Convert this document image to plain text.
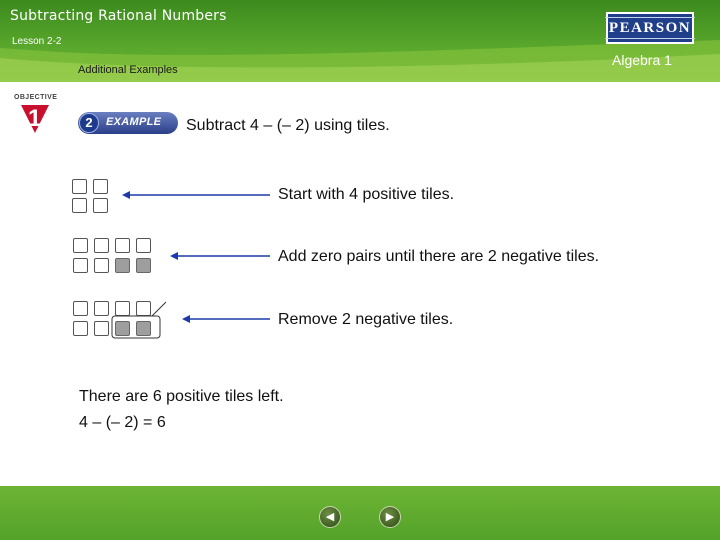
Subtracting Rational Numbers
Lesson 2-2
Additional Examples
Algebra 1
PEARSON
OBJECTIVE
1	2	EXAMPLE Subtract 4 – (– 2) using tiles.
Start with 4 positive tiles.
Add zero pairs until there are 2 negative tiles.
Remove 2 negative tiles.
There are 6 positive tiles left.
4 – (– 2) = 6
◀	▶
